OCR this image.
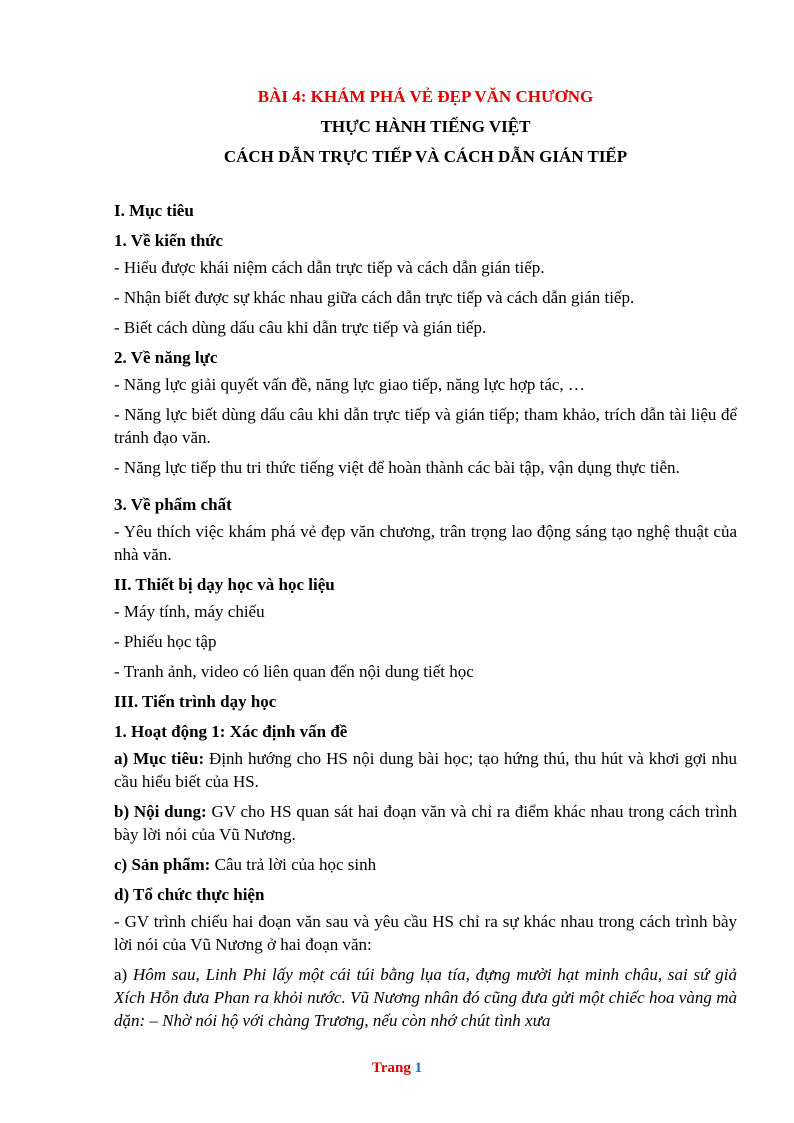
BÀI 4: KHÁM PHÁ VẺ ĐẸP VĂN CHƯƠNG

THỰC HÀNH TIẾNG VIỆT

CÁCH DẪN TRỰC TIẾP VÀ CÁCH DẪN GIÁN TIẾP

I. Mục tiêu

1. Về kiến thức

- Hiểu được khái niệm cách dẫn trực tiếp và cách dẫn gián tiếp.

- Nhận biết được sự khác nhau giữa cách dẫn trực tiếp và cách dẫn gián tiếp.

- Biết cách dùng dấu câu khi dẫn trực tiếp và gián tiếp.

2. Về năng lực

- Năng lực giải quyết vấn đề, năng lực giao tiếp, năng lực hợp tác, …

- Năng lực biết dùng dấu câu khi dẫn trực tiếp và gián tiếp; tham khảo, trích dẫn tài liệu để tránh đạo văn.

- Năng lực tiếp thu tri thức tiếng việt để hoàn thành các bài tập, vận dụng thực tiễn.

3. Về phẩm chất

- Yêu thích việc khám phá vẻ đẹp văn chương, trân trọng lao động sáng tạo nghệ thuật của nhà văn.

II. Thiết bị dạy học và học liệu

- Máy tính, máy chiếu

- Phiếu học tập

- Tranh ảnh, video có liên quan đến nội dung tiết học

III. Tiến trình dạy học

1. Hoạt động 1: Xác định vấn đề

a) Mục tiêu: Định hướng cho HS nội dung bài học; tạo hứng thú, thu hút và khơi gợi nhu cầu hiểu biết của HS.

b) Nội dung: GV cho HS quan sát hai đoạn văn và chỉ ra điểm khác nhau trong cách trình bày lời nói của Vũ Nương.

c) Sản phẩm: Câu trả lời của học sinh

d) Tổ chức thực hiện

- GV trình chiếu hai đoạn văn sau và yêu cầu HS chỉ ra sự khác nhau trong cách trình bày lời nói của Vũ Nương ở hai đoạn văn:

a) Hôm sau, Linh Phi lấy một cái túi bằng lụa tía, đựng mười hạt minh châu, sai sứ giả Xích Hỗn đưa Phan ra khỏi nước. Vũ Nương nhân đó cũng đưa gửi một chiếc hoa vàng mà dặn: – Nhờ nói hộ với chàng Trương, nếu còn nhớ chút tình xưa

Trang 1
